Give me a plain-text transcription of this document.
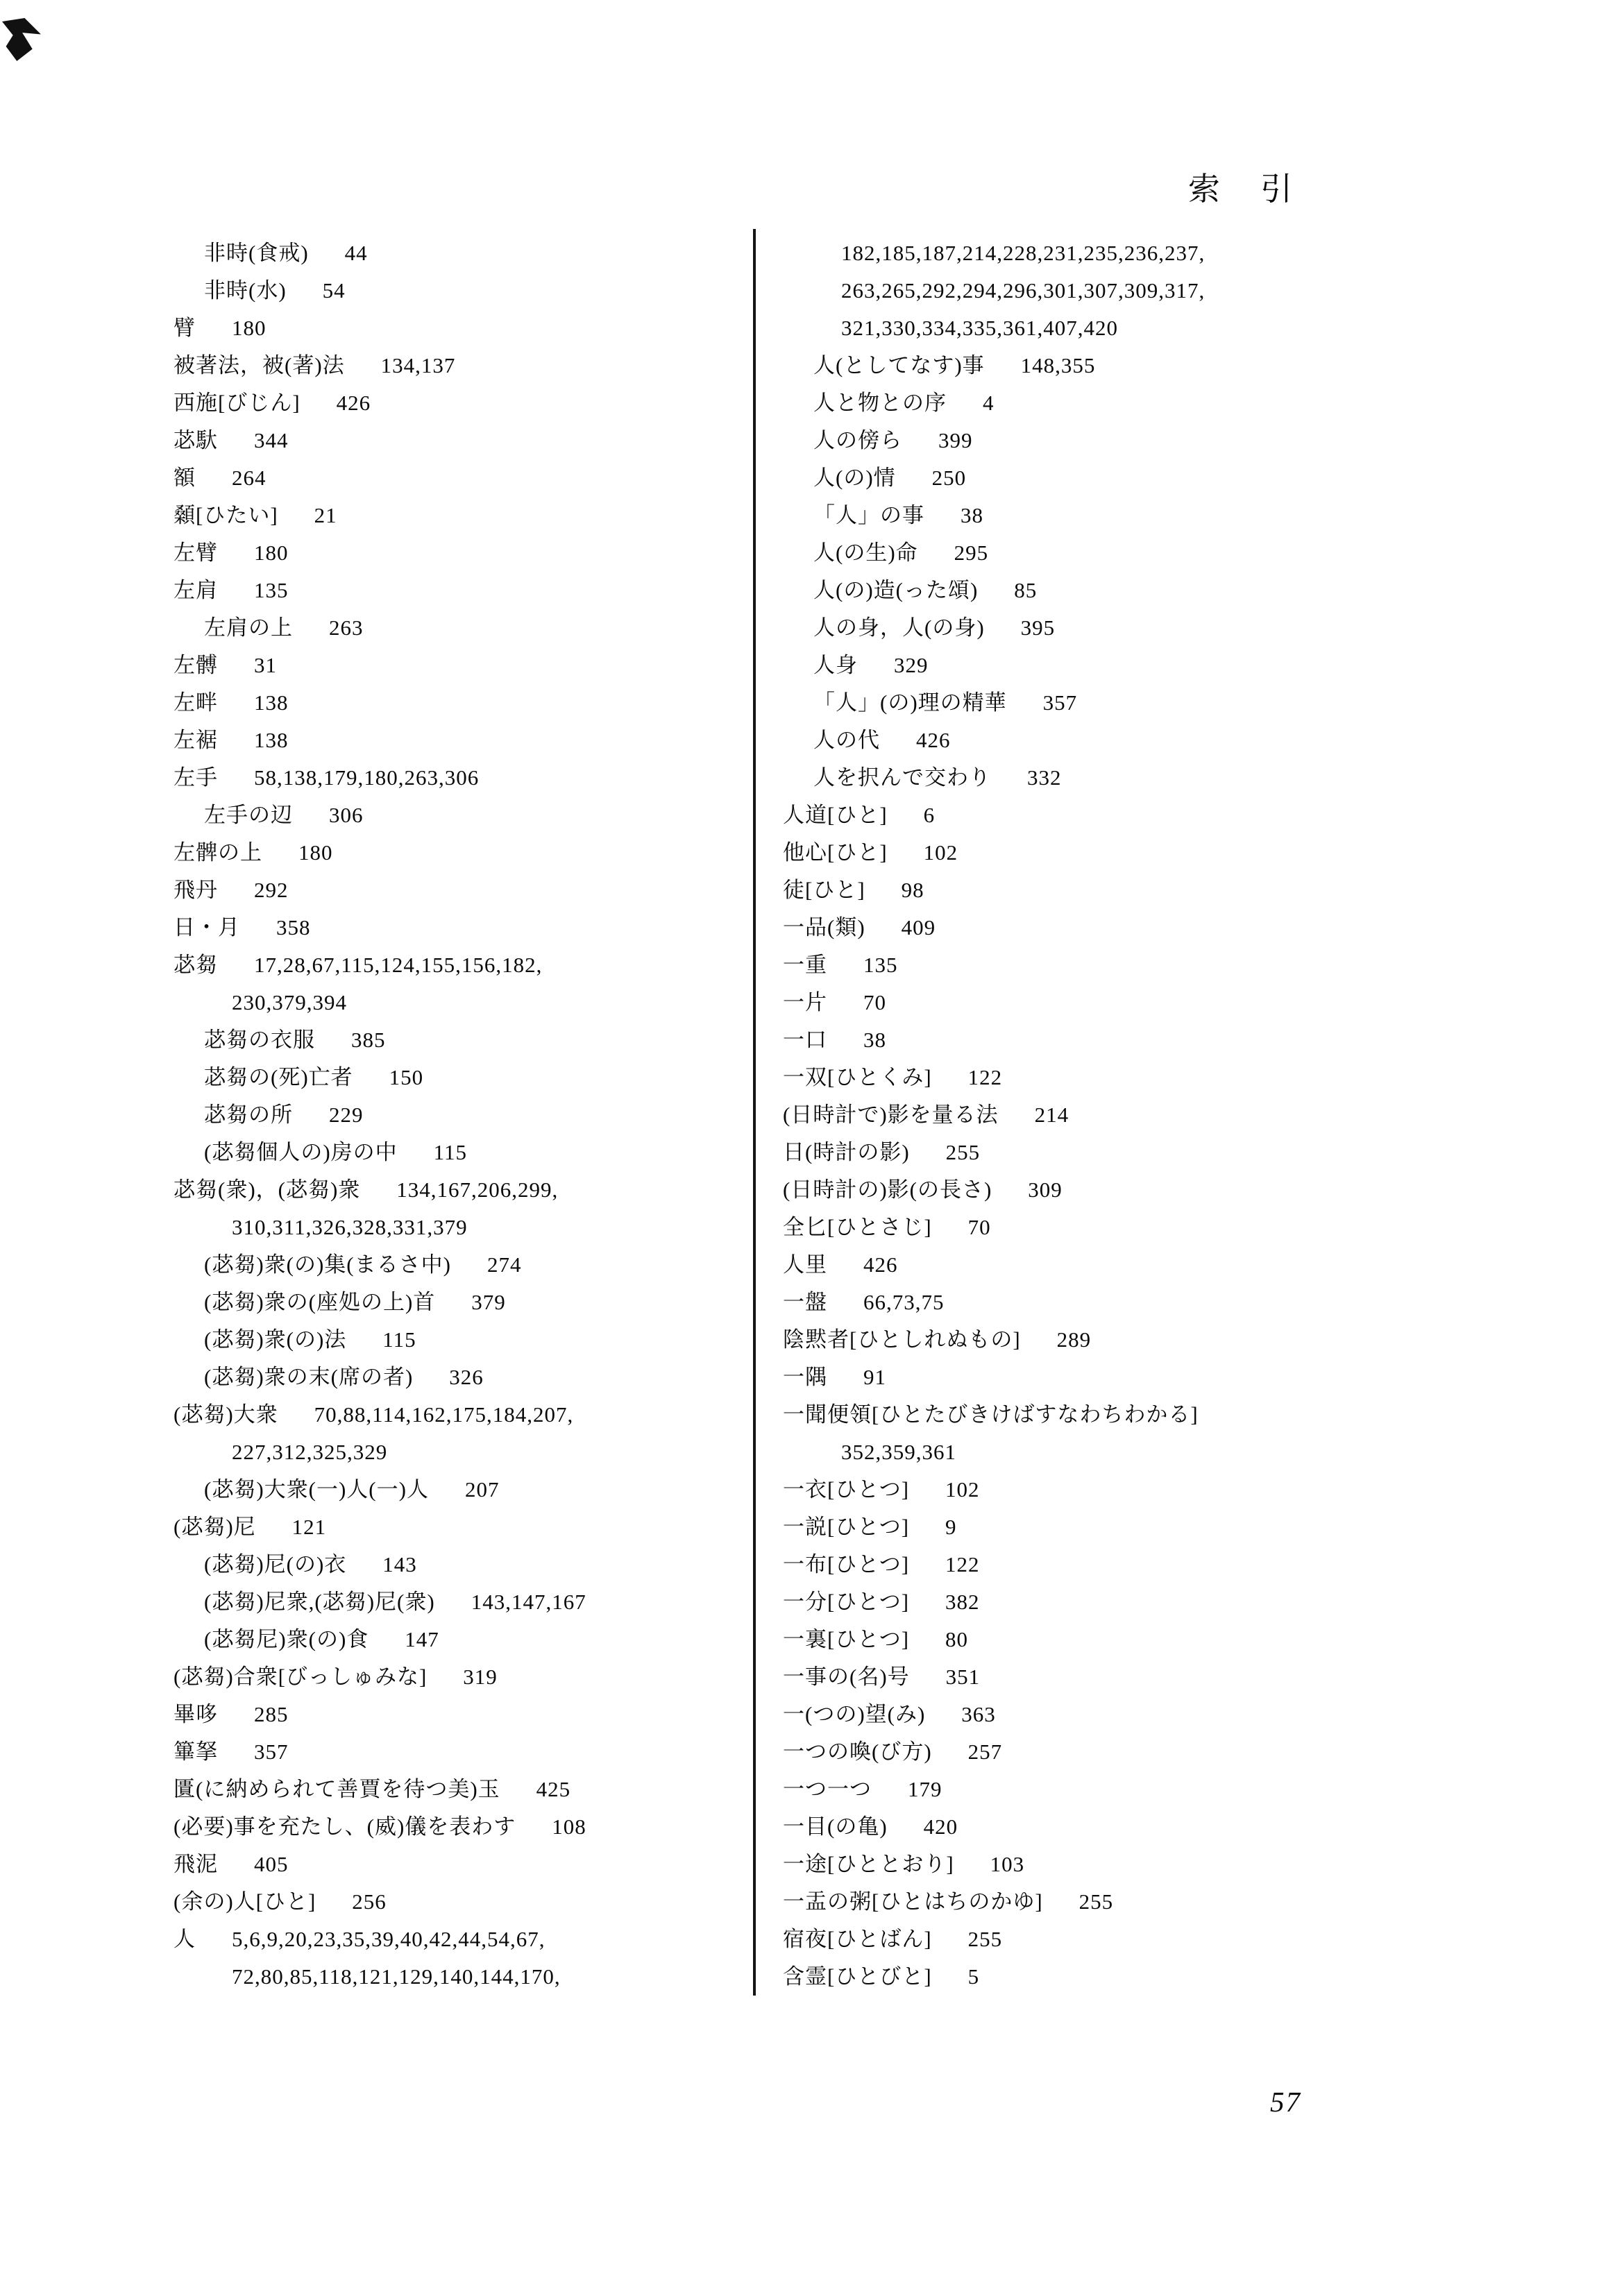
索 引
非時(食戒) 44
非時(水) 54
臂 180
被著法，被(著)法 134,137
西施[びじん] 426
苾馱 344
額 264
顙[ひたい] 21
左臂 180
左肩 135
左肩の上 263
左髆 31
左畔 138
左裾 138
左手 58,138,179,180,263,306
左手の辺 306
左髀の上 180
飛丹 292
日・月 358
苾芻 17,28,67,115,124,155,156,182,
230,379,394
苾芻の衣服 385
苾芻の(死)亡者 150
苾芻の所 229
(苾芻個人の)房の中 115
苾芻(衆)，(苾芻)衆 134,167,206,299,
310,311,326,328,331,379
(苾芻)衆(の)集(まるさ中) 274
(苾芻)衆の(座処の上)首 379
(苾芻)衆(の)法 115
(苾芻)衆の末(席の者) 326
(苾芻)大衆 70,88,114,162,175,184,207,
227,312,325,329
(苾芻)大衆(一)人(一)人 207
(苾芻)尼 121
(苾芻)尼(の)衣 143
(苾芻)尼衆,(苾芻)尼(衆) 143,147,167
(苾芻尼)衆(の)食 147
(苾芻)合衆[びっしゅみな] 319
畢哆 285
篳拏 357
匱(に納められて善賈を待つ美)玉 425
(必要)事を充たし、(威)儀を表わす 108
飛泥 405
(余の)人[ひと] 256
人 5,6,9,20,23,35,39,40,42,44,54,67,
72,80,85,118,121,129,140,144,170,
182,185,187,214,228,231,235,236,237,
263,265,292,294,296,301,307,309,317,
321,330,334,335,361,407,420
人(としてなす)事 148,355
人と物との序 4
人の傍ら 399
人(の)情 250
「人」の事 38
人(の生)命 295
人(の)造(った頌) 85
人の身，人(の身) 395
人身 329
「人」(の)理の精華 357
人の代 426
人を択んで交わり 332
人道[ひと] 6
他心[ひと] 102
徒[ひと] 98
一品(類) 409
一重 135
一片 70
一口 38
一双[ひとくみ] 122
(日時計で)影を量る法 214
日(時計の影) 255
(日時計の)影(の長さ) 309
全匕[ひとさじ] 70
人里 426
一盤 66,73,75
陰黙者[ひとしれぬもの] 289
一隅 91
一聞便領[ひとたびきけばすなわちわかる]
352,359,361
一衣[ひとつ] 102
一説[ひとつ] 9
一布[ひとつ] 122
一分[ひとつ] 382
一裏[ひとつ] 80
一事の(名)号 351
一(つの)望(み) 363
一つの喚(び方) 257
一つ一つ 179
一目(の亀) 420
一途[ひととおり] 103
一盂の粥[ひとはちのかゆ] 255
宿夜[ひとばん] 255
含霊[ひとびと] 5
57
